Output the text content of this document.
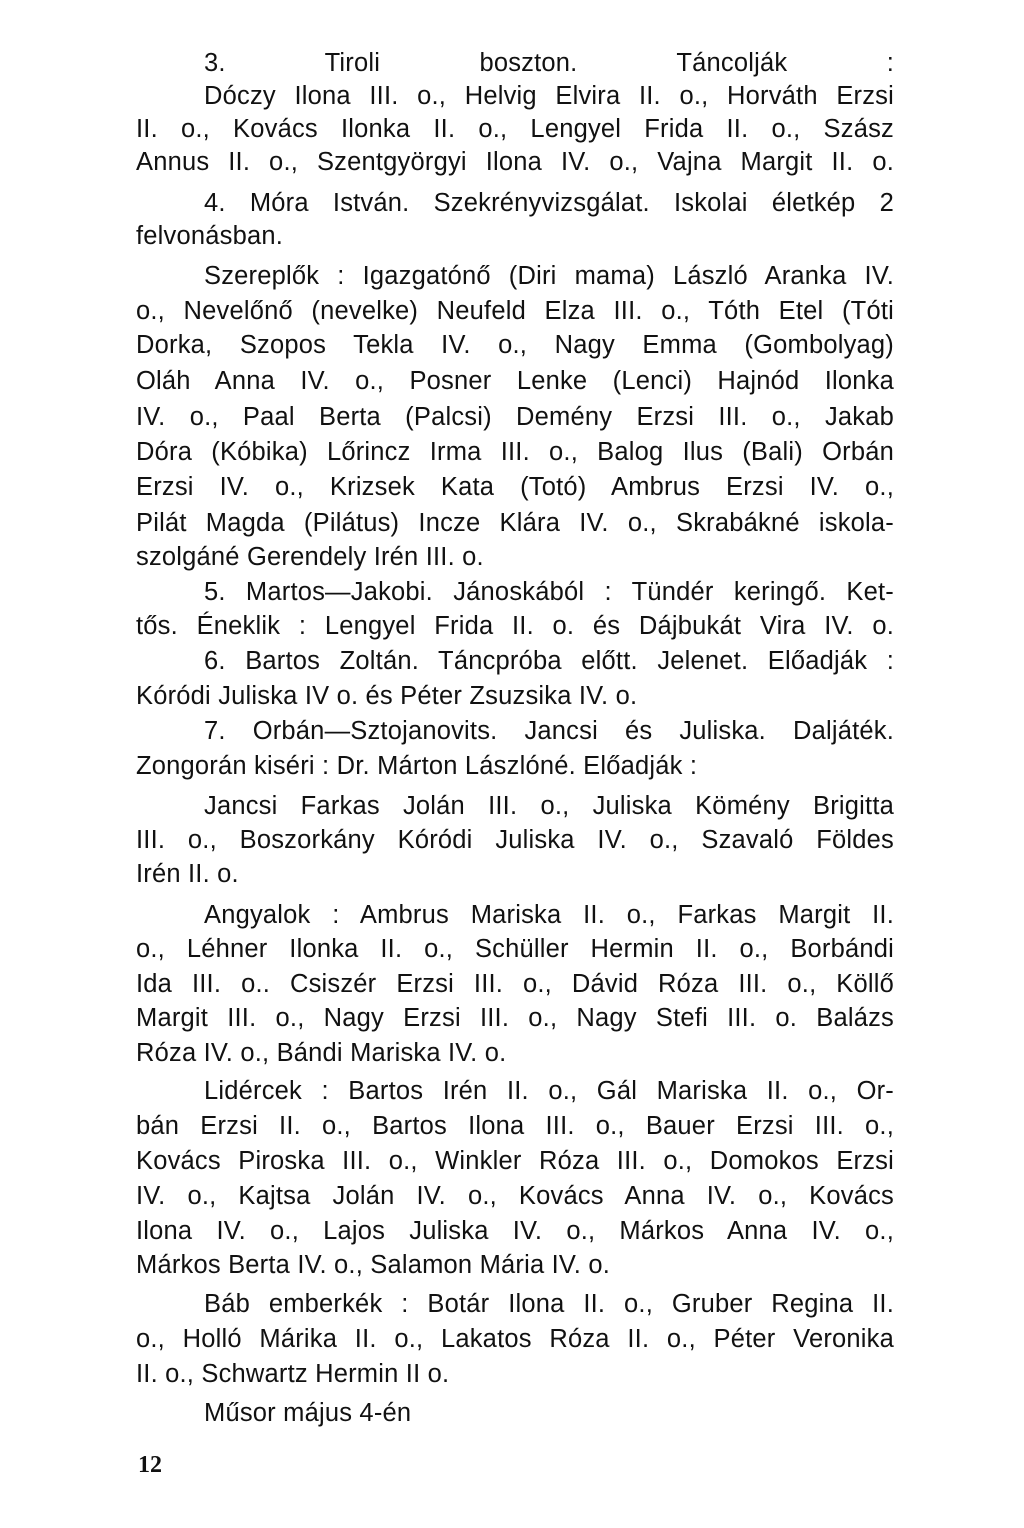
3. Tiroli boszton. Táncolják :
Dóczy Ilona III. o., Helvig Elvira II. o., Horváth Erzsi
II. o., Kovács Ilonka II. o., Lengyel Frida II. o., Szász
Annus II. o., Szentgyörgyi Ilona IV. o., Vajna Margit II. o.
4. Móra István. Szekrényvizsgálat. Iskolai életkép 2
felvonásban.
Szereplők : Igazgatónő (Diri mama) László Aranka IV.
o., Nevelőnő (nevelke) Neufeld Elza III. o., Tóth Etel (Tóti
Dorka, Szopos Tekla IV. o., Nagy Emma (Gombolyag)
Oláh Anna IV. o., Posner Lenke (Lenci) Hajnód Ilonka
IV. o., Paal Berta (Palcsi) Demény Erzsi III. o., Jakab
Dóra (Kóbika) Lőrincz Irma III. o., Balog Ilus (Bali) Orbán
Erzsi IV. o., Krizsek Kata (Totó) Ambrus Erzsi IV. o.,
Pilát Magda (Pilátus) Incze Klára IV. o., Skrabákné iskola-
szolgáné Gerendely Irén III. o.
5. Martos—Jakobi. Jánoskából : Tündér keringő. Ket-
tős. Éneklik : Lengyel Frida II. o. és Dájbukát Vira IV. o.
6. Bartos Zoltán. Táncpróba előtt. Jelenet. Előadják :
Kóródi Juliska IV o. és Péter Zsuzsika IV. o.
7. Orbán—Sztojanovits. Jancsi és Juliska. Daljáték.
Zongorán kiséri : Dr. Márton Lászlóné. Előadják :
Jancsi Farkas Jolán III. o., Juliska Kömény Brigitta
III. o., Boszorkány Kóródi Juliska IV. o., Szavaló Földes
Irén II. o.
Angyalok : Ambrus Mariska II. o., Farkas Margit II.
o., Léhner Ilonka II. o., Schüller Hermin II. o., Borbándi
Ida III. o.. Csiszér Erzsi III. o., Dávid Róza III. o., Köllő
Margit III. o., Nagy Erzsi III. o., Nagy Stefi III. o. Balázs
Róza IV. o., Bándi Mariska IV. o.
Lidércek : Bartos Irén II. o., Gál Mariska II. o., Or-
bán Erzsi II. o., Bartos Ilona III. o., Bauer Erzsi III. o.,
Kovács Piroska III. o., Winkler Róza III. o., Domokos Erzsi
IV. o., Kajtsa Jolán IV. o., Kovács Anna IV. o., Kovács
Ilona IV. o., Lajos Juliska IV. o., Márkos Anna IV. o.,
Márkos Berta IV. o., Salamon Mária IV. o.
Báb emberkék : Botár Ilona II. o., Gruber Regina II.
o., Holló Márika II. o., Lakatos Róza II. o., Péter Veronika
II. o., Schwartz Hermin II o.
Műsor május 4-én
12
